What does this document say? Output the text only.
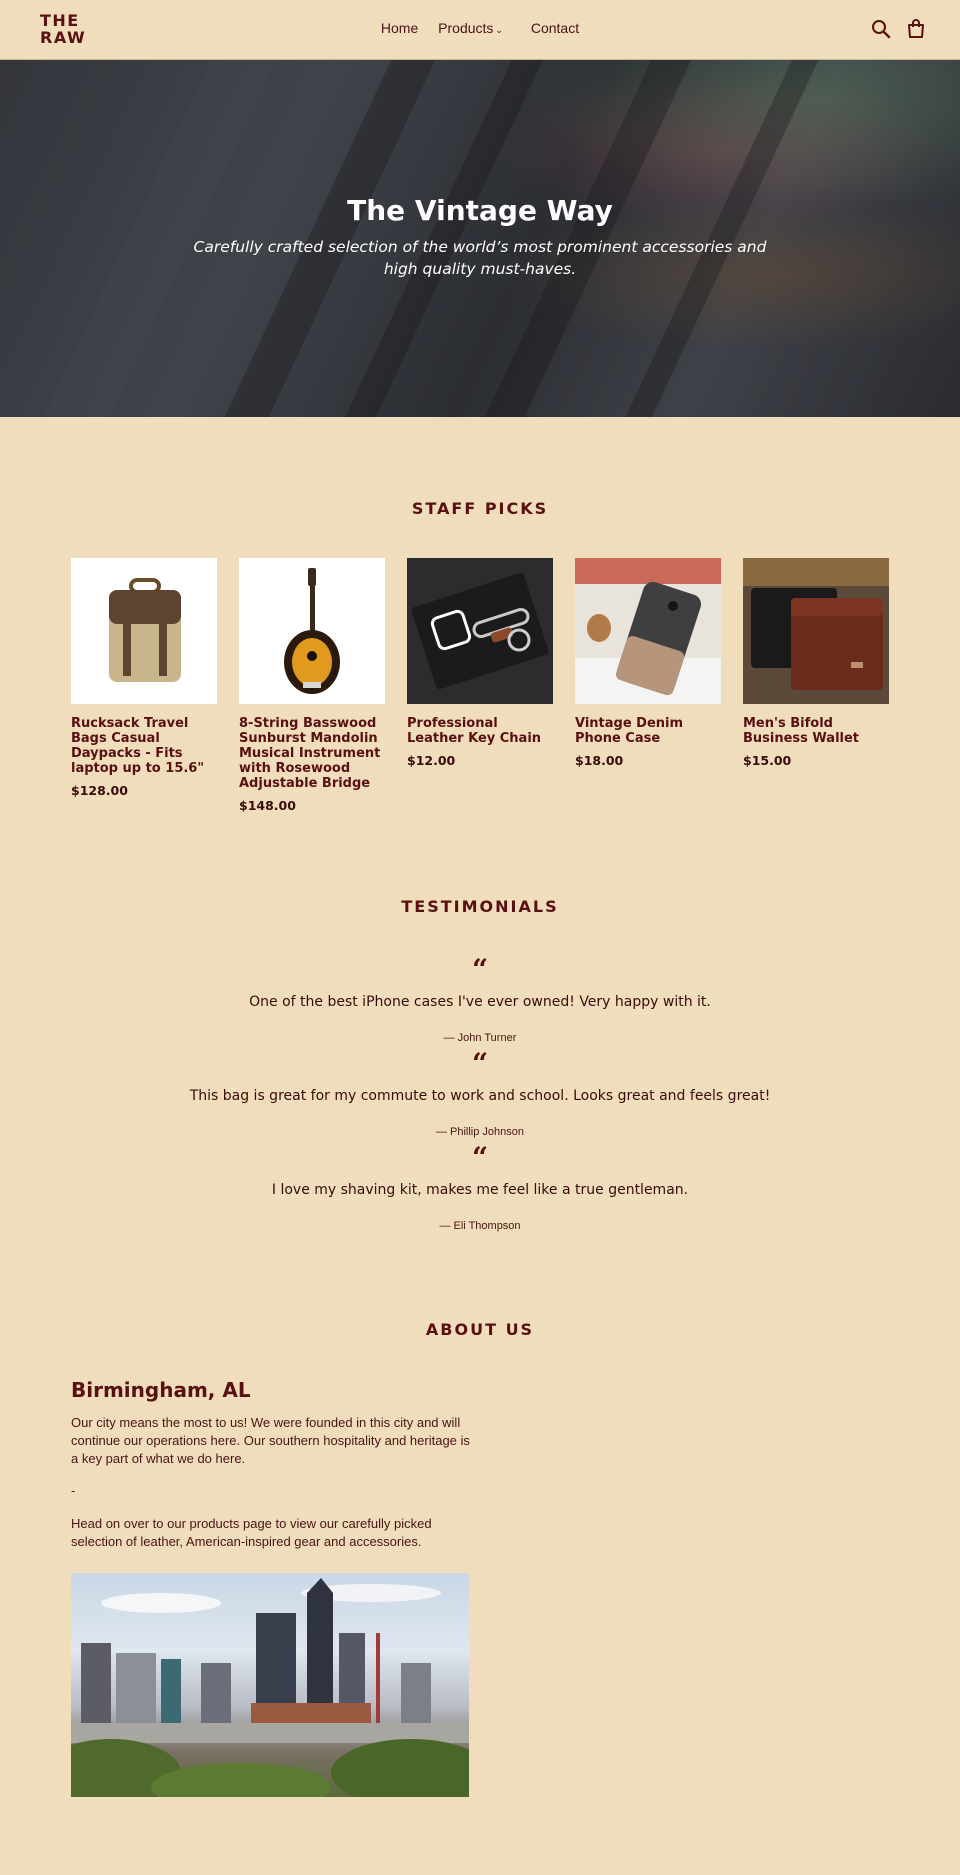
THE
RAW	Home Products ⌄ Contact
The Vintage Way
Carefully crafted selection of the world’s most prominent accessories and high quality must-haves.
STAFF PICKS
Rucksack Travel Bags Casual Daypacks - Fits laptop up to 15.6"
$128.00
8-String Basswood Sunburst Mandolin Musical Instrument with Rosewood Adjustable Bridge
$148.00
Professional Leather Key Chain
$12.00
Vintage Denim Phone Case
$18.00
Men's Bifold Business Wallet
$15.00
TESTIMONIALS
“
One of the best iPhone cases I've ever owned! Very happy with it.
— John Turner
“
This bag is great for my commute to work and school. Looks great and feels great!
— Phillip Johnson
“
I love my shaving kit, makes me feel like a true gentleman.
— Eli Thompson
ABOUT US
Birmingham, AL
Our city means the most to us! We were founded in this city and will continue our operations here. Our southern hospitality and heritage is a key part of what we do here.
-
Head on over to our products page to view our carefully picked selection of leather, American-inspired gear and accessories.
